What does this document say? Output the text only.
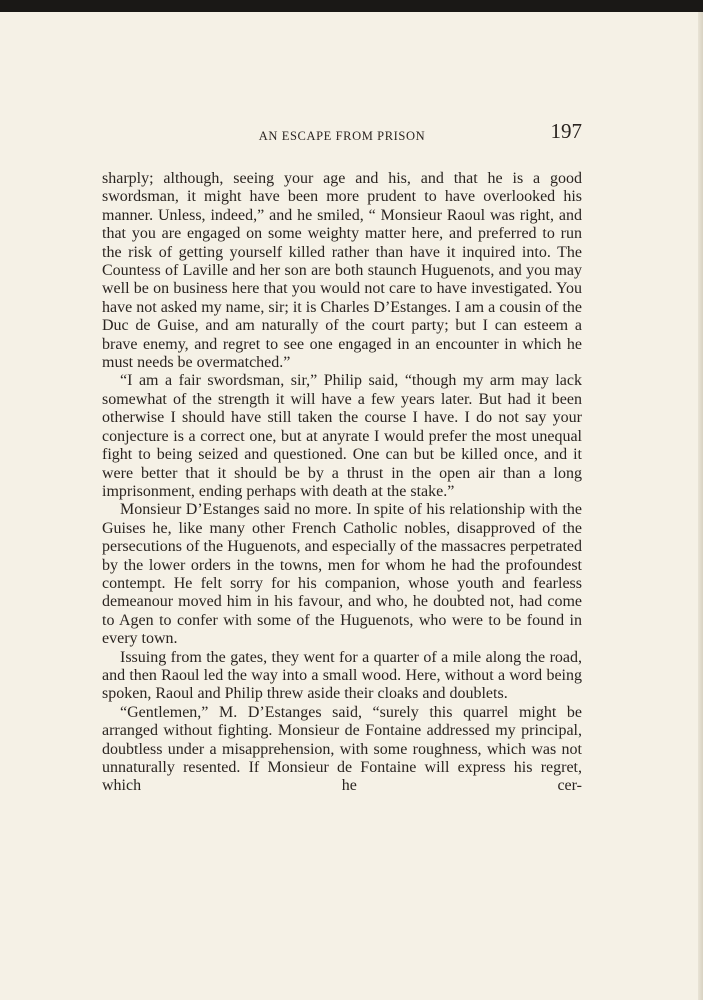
AN ESCAPE FROM PRISON	197

sharply; although, seeing your age and his, and that he is a good swordsman, it might have been more prudent to have overlooked his manner. Unless, indeed,” and he smiled, “ Monsieur Raoul was right, and that you are engaged on some weighty matter here, and preferred to run the risk of getting yourself killed rather than have it inquired into. The Countess of Laville and her son are both staunch Huguenots, and you may well be on business here that you would not care to have investigated. You have not asked my name, sir; it is Charles D’Estanges. I am a cousin of the Duc de Guise, and am naturally of the court party; but I can esteem a brave enemy, and regret to see one engaged in an encounter in which he must needs be overmatched.”

“I am a fair swordsman, sir,” Philip said, “though my arm may lack somewhat of the strength it will have a few years later. But had it been otherwise I should have still taken the course I have. I do not say your conjecture is a correct one, but at anyrate I would prefer the most unequal fight to being seized and questioned. One can but be killed once, and it were better that it should be by a thrust in the open air than a long imprisonment, ending perhaps with death at the stake.”

Monsieur D’Estanges said no more. In spite of his relationship with the Guises he, like many other French Catholic nobles, disapproved of the persecutions of the Huguenots, and especially of the massacres perpetrated by the lower orders in the towns, men for whom he had the profoundest contempt. He felt sorry for his companion, whose youth and fearless demeanour moved him in his favour, and who, he doubted not, had come to Agen to confer with some of the Huguenots, who were to be found in every town.

Issuing from the gates, they went for a quarter of a mile along the road, and then Raoul led the way into a small wood. Here, without a word being spoken, Raoul and Philip threw aside their cloaks and doublets.

“Gentlemen,” M. D’Estanges said, “surely this quarrel might be arranged without fighting. Monsieur de Fontaine addressed my principal, doubtless under a misapprehension, with some roughness, which was not unnaturally resented. If Monsieur de Fontaine will express his regret, which he cer-
